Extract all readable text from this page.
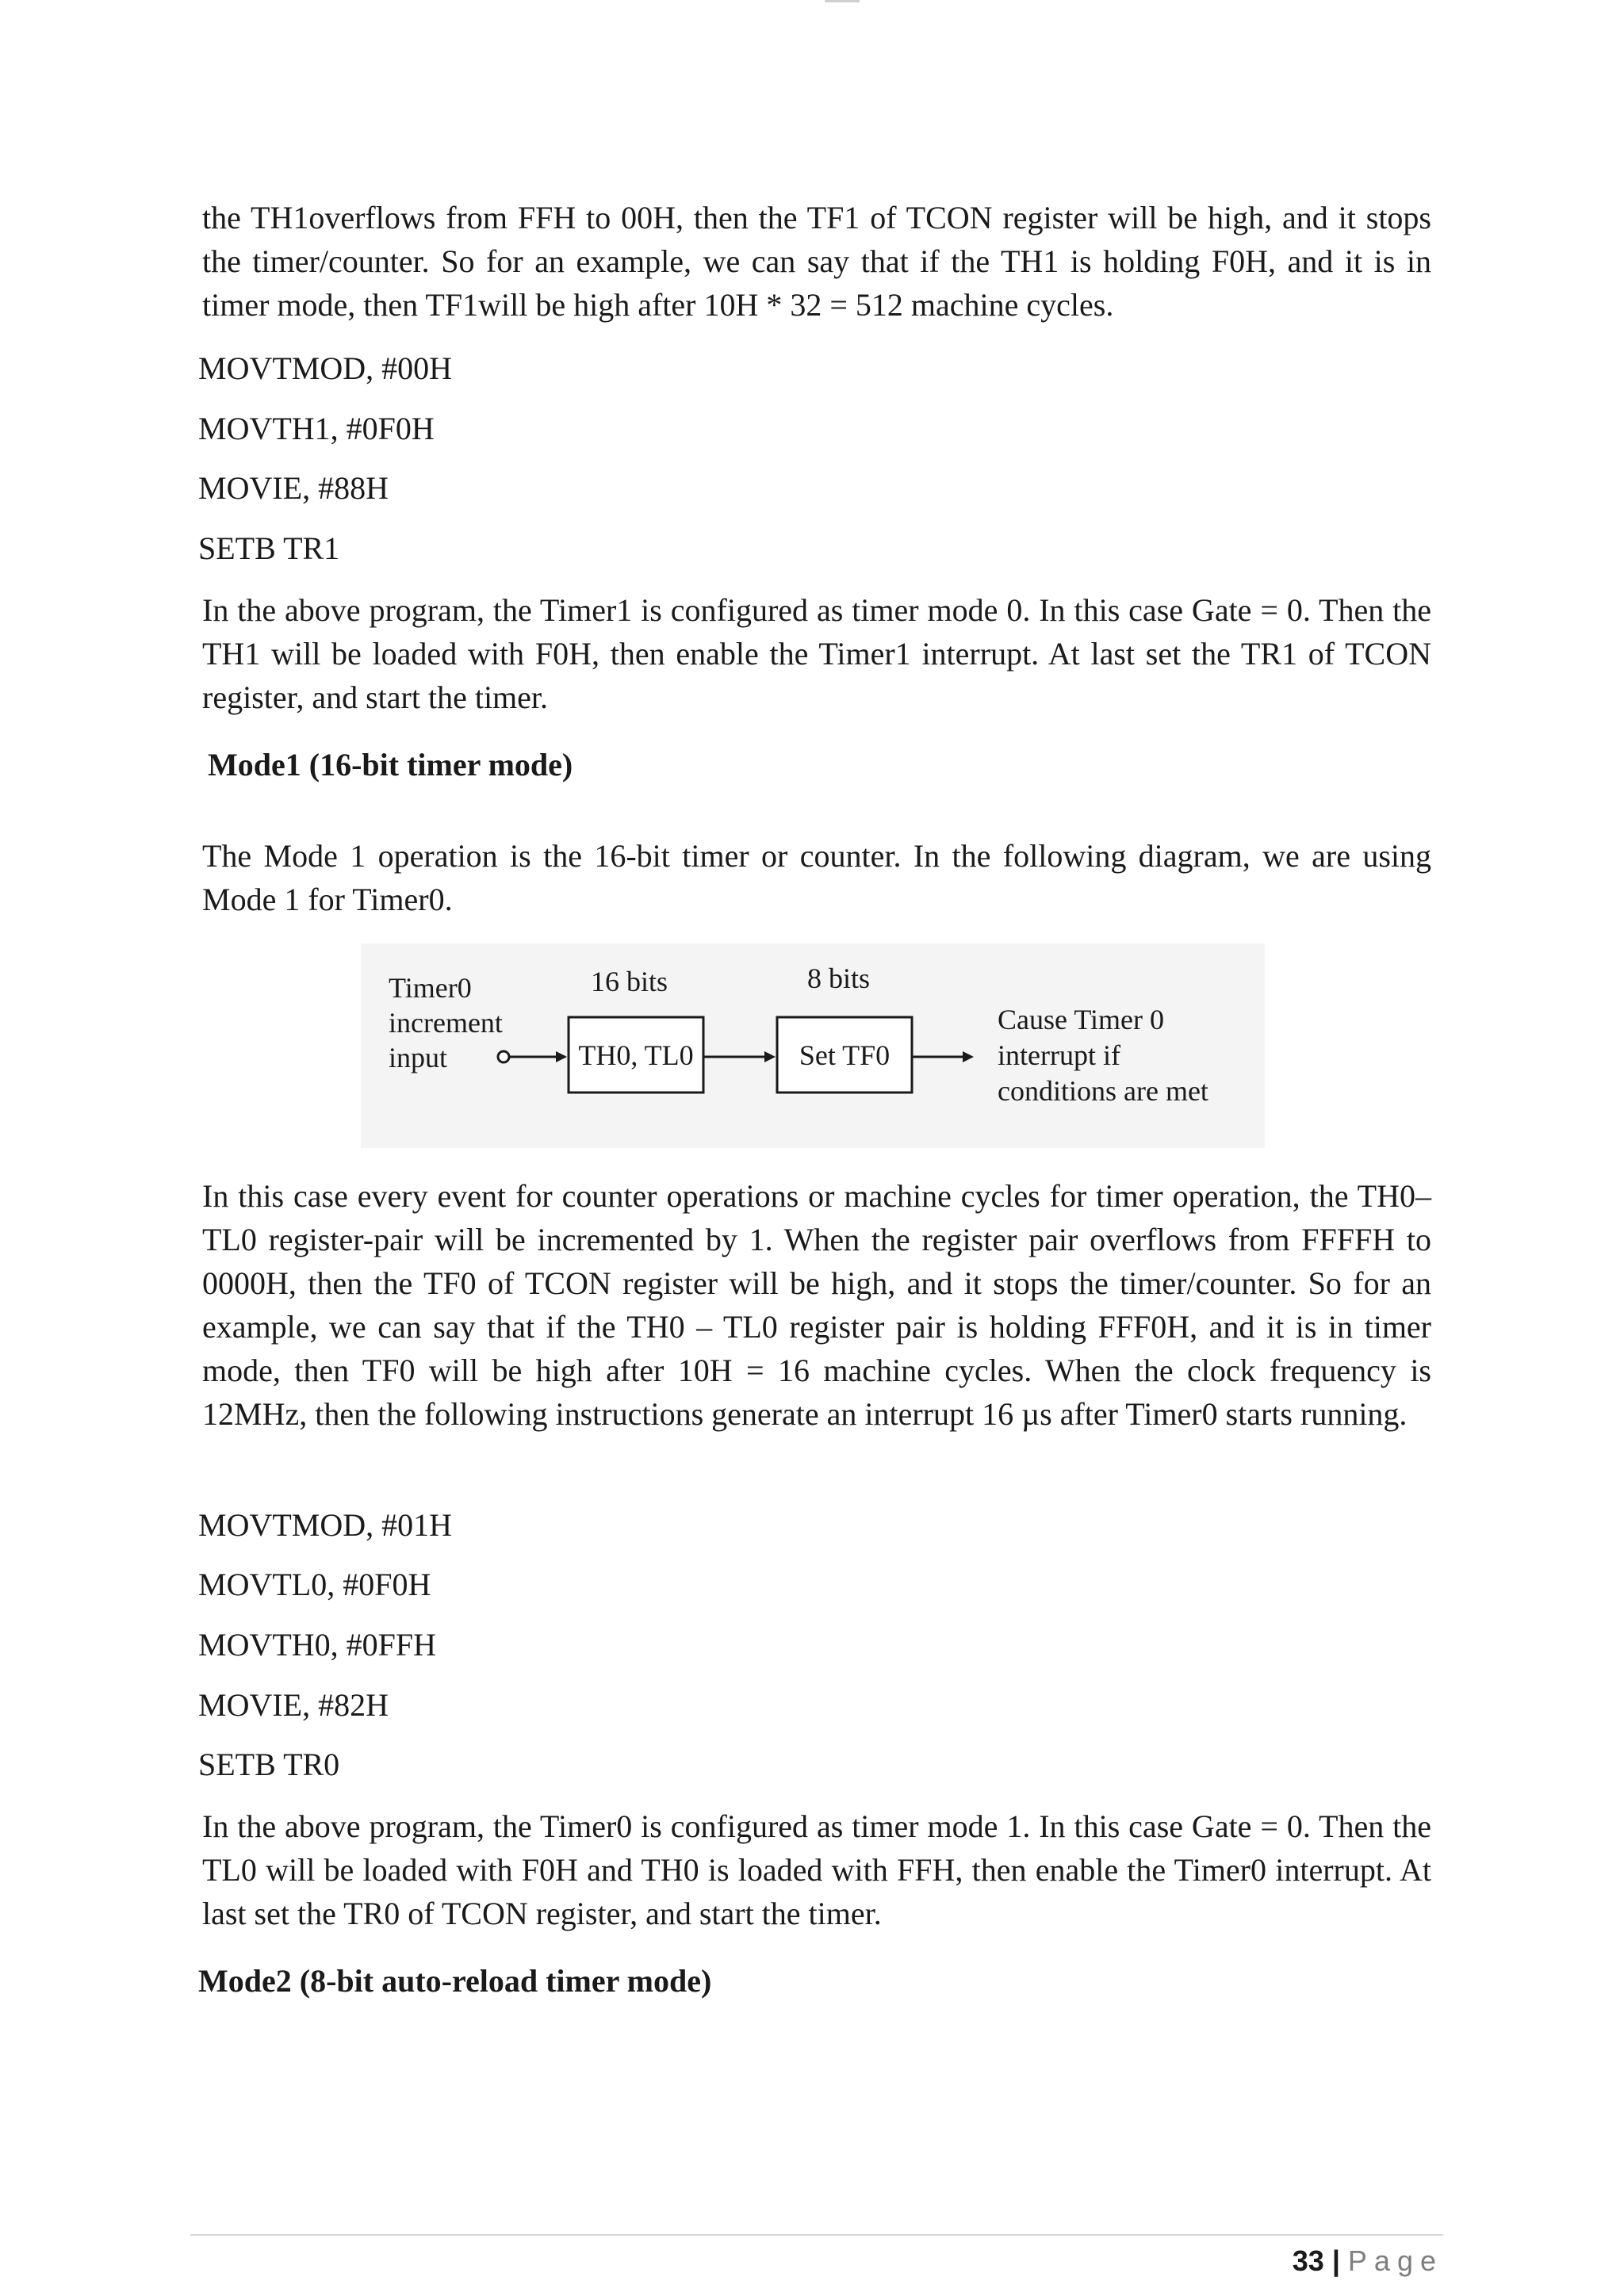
the TH1overflows from FFH to 00H, then the TF1 of TCON register will be high, and it stops the timer/counter. So for an example, we can say that if the TH1 is holding F0H, and it is in timer mode, then TF1will be high after 10H * 32 = 512 machine cycles.

MOVTMOD, #00H

MOVTH1, #0F0H

MOVIE, #88H

SETB TR1

In the above program, the Timer1 is configured as timer mode 0. In this case Gate = 0. Then the TH1 will be loaded with F0H, then enable the Timer1 interrupt. At last set the TR1 of TCON register, and start the timer.

Mode1 (16-bit timer mode)

The Mode 1 operation is the 16-bit timer or counter. In the following diagram, we are using Mode 1 for Timer0.

Timer0
increment
input
16 bits
TH0, TL0
8 bits
Set TF0
Cause Timer 0
interrupt if
conditions are met

In this case every event for counter operations or machine cycles for timer operation, the TH0– TL0 register-pair will be incremented by 1. When the register pair overflows from FFFFH to 0000H, then the TF0 of TCON register will be high, and it stops the timer/counter. So for an example, we can say that if the TH0 – TL0 register pair is holding FFF0H, and it is in timer mode, then TF0 will be high after 10H = 16 machine cycles. When the clock frequency is 12MHz, then the following instructions generate an interrupt 16 µs after Timer0 starts running.

MOVTMOD, #01H

MOVTL0, #0F0H

MOVTH0, #0FFH

MOVIE, #82H

SETB TR0

In the above program, the Timer0 is configured as timer mode 1. In this case Gate = 0. Then the TL0 will be loaded with F0H and TH0 is loaded with FFH, then enable the Timer0 interrupt. At last set the TR0 of TCON register, and start the timer.

Mode2 (8-bit auto-reload timer mode)

33 | Page
